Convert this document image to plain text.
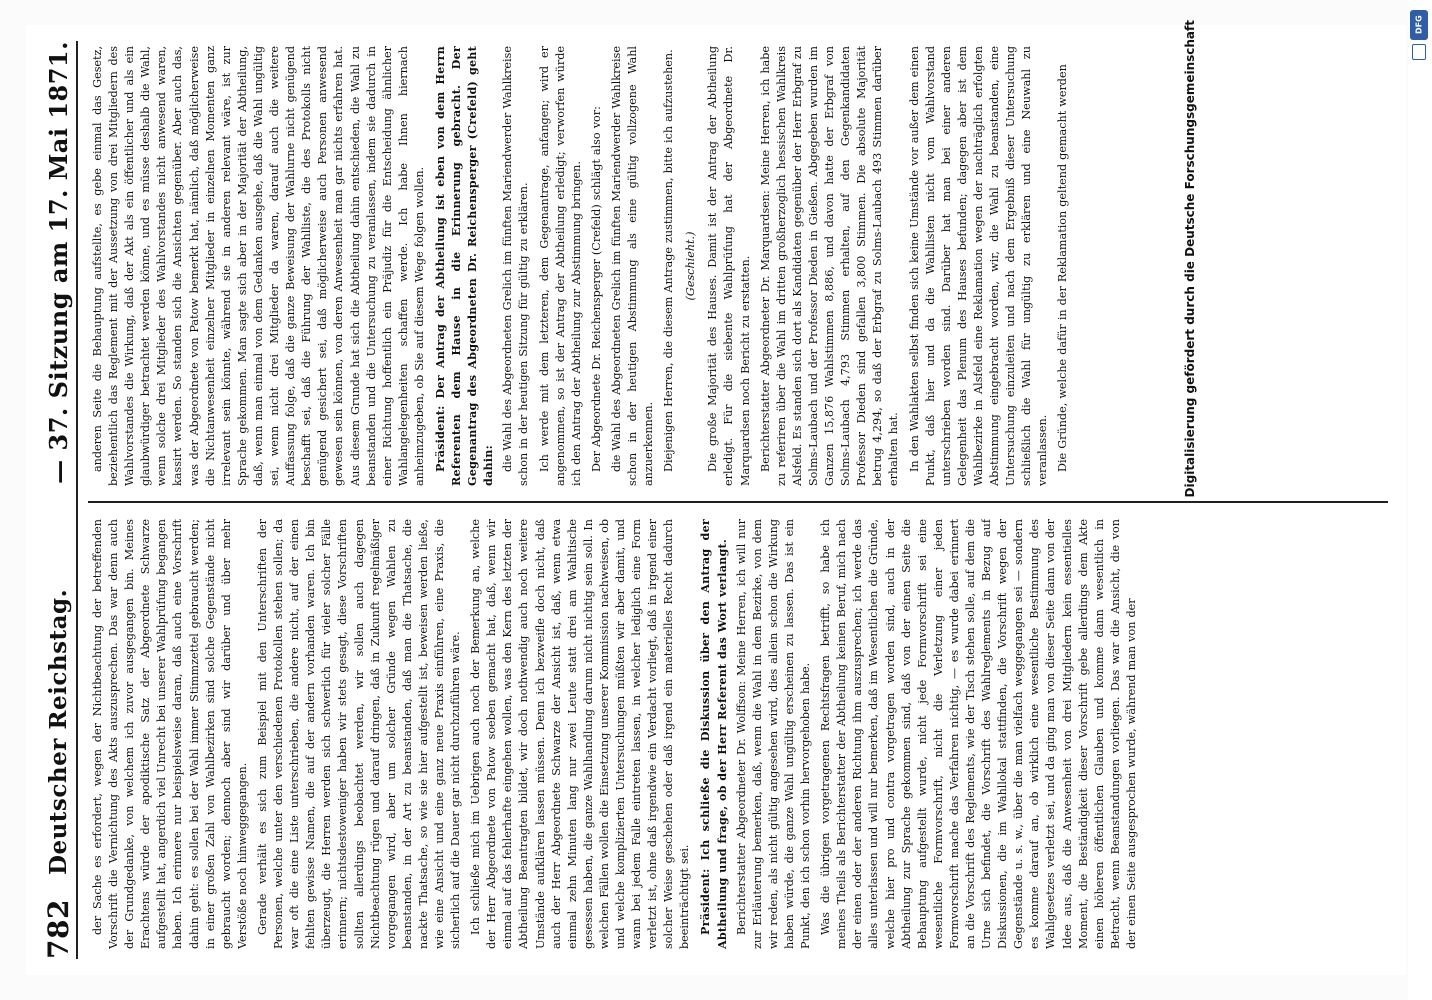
782
Deutscher Reichstag.
— 37. Sitzung am 17. Mai 1871.

der Sache es erfordert, wegen der Nichtbeachtung der betreffenden Vorschrift die Vernichtung des Akts auszusprechen. Das war denn auch der Grundgedanke, von welchem ich zuvor ausgegangen bin. Meines Erachtens würde der apodiktische Satz der Abgeordnete Schwarze aufgestellt hat, angerdich viel Unrecht bei unserer Wahlprüfung begangen haben. Ich erinnere nur beispielsweise daran, daß auch eine Vorschrift dahin geht: es sollen bei der Wahl immer Stimmzettel gebraucht werden; in einer großen Zahl von Wahlbezirken sind solche Gegenstände nicht gebraucht worden; dennoch aber sind wir darüber und über mehr Verstöße noch hinweggegangen. Gerade verhält es sich zum Beispiel mit den Unterschriften der Personen, welche unter den verschiedenen Protokollen stehen sollen; da war oft die eine Liste unterschrieben, die andere nicht, auf der einen fehlten gewisse Namen, die auf der andern vorhanden waren. Ich bin überzeugt, die Herren werden sich schwerlich für vieler solcher Fälle erinnern; nichtsdestoweniger haben wir stets gesagt, diese Vorschriften sollten allerdings beobachtet werden, wir sollen auch dagegen Nichtbeachtung rügen und darauf dringen, daß in Zukunft regelmäßiger vorgegangen wird, aber um solcher Gründe wegen Wahlen zu beanstanden, in der Art zu beanstanden, daß man die Thatsache, die nackte Thatsache, so wie sie hier aufgestellt ist, beweisen werden ließe, wie eine Ansicht und eine ganz neue Praxis einführen, eine Praxis, die sicherlich auf die Dauer gar nicht durchzuführen wäre. Ich schließe mich im Uebrigen auch noch der Bemerkung an, welche der Herr Abgeordnete von Patow soeben gemacht hat, daß, wenn wir einmal auf das fehlerhafte eingehen wollen, was den Kern des letzten der Abtheilung Beantragten bildet, wir doch nothwendig auch noch weitere Umstände aufklären lassen müssen. Denn ich bezweifle doch nicht, daß auch der Herr Abgeordnete Schwarze der Ansicht ist, daß, wenn etwa einmal zehn Minuten lang nur zwei Leute statt drei am Wahltische gesessen haben, die ganze Wahlhandlung darum nicht nichtig sein soll. In welchen Fällen wollen die Einsetzung unserer Kommission nachweisen, ob und welche komplizierten Untersuchungen müßten wir aber damit, und wann bei jedem Falle eintreten lassen, in welcher lediglich eine Form verletzt ist, ohne daß irgendwie ein Verdacht vorliegt, daß in irgend einer solcher Weise geschehen oder daß irgend ein materielles Recht dadurch beeinträchtigt sei. Präsident: Ich schließe die Diskussion über den Antrag der Abtheilung und frage, ob der Herr Referent das Wort verlangt. Berichterstatter Abgeordneter Dr. Wolffson: Meine Herren, ich will nur zur Erläuterung bemerken, daß, wenn die Wahl in dem Bezirke, von dem wir reden, als nicht gültig angesehen wird, dies allein schon die Wirkung haben würde, die ganze Wahl ungültig erscheinen zu lassen. Das ist ein Punkt, den ich schon vorhin hervorgehoben habe. Was die übrigen vorgetragenen Rechtsfragen betrifft, so habe ich meines Theils als Berichterstatter der Abtheilung keinen Beruf, mich nach der einen oder der anderen Richtung ihm auszusprechen; ich werde das alles unterlassen und will nur bemerken, daß im Wesentlichen die Gründe, welche hier pro und contra vorgetragen worden sind, auch in der Abtheilung zur Sprache gekommen sind, daß von der einen Seite die Behauptung aufgestellt wurde, nicht jede Formvorschrift sei eine wesentliche Formvorschrift, nicht die Verletzung einer jeden Formvorschrift mache das Verfahren nichtig, — es wurde dabei erinnert an die Vorschrift des Reglements, wie der Tisch stehen solle, auf dem die Urne sich befindet, die Vorschrift des Wahlreglements in Bezug auf Diskussionen, die im Wahllokal stattfinden, die Vorschrift wegen der Gegenstände u. s. w., über die man vielfach weggegangen sei — sondern es komme darauf an, ob wirklich eine wesentliche Bestimmung des Wahlgesetzes verletzt sei, und da ging man von dieser Seite dann von der Idee aus, daß die Anwesenheit von drei Mitgliedern kein essentielles Moment, die Beständigkeit dieser Vorschrift gebe allerdings dem Akte einen höheren öffentlichen Glauben und komme dann wesentlich in Betracht, wenn Beanstandungen vorliegen. Das war die Ansicht, die von der einen Seite ausgesprochen wurde, während man von der

anderen Seite die Behauptung aufstellte, es gebe einmal das Gesetz, beziehentlich das Reglement mit der Aussetzung von drei Mitgliedern des Wahlvorstandes die Wirkung, daß der Akt als ein öffentlicher und als ein glaubwürdiger betrachtet werden könne, und es müsse deshalb die Wahl, wenn solche drei Mitglieder des Wahlvorstandes nicht anwesend waren, kassirt werden. So standen sich die Ansichten gegenüber. Aber auch das, was der Abgeordnete von Patow bemerkt hat, nämlich, daß möglicherweise die Nichtanwesenheit einzelner Mitglieder in einzelnen Momenten ganz irrelevant sein könnte, während sie in anderen relevant wäre, ist zur Sprache gekommen. Man sagte sich aber in der Majorität der Abtheilung, daß, wenn man einmal von dem Gedanken ausgehe, daß die Wahl ungültig sei, wenn nicht drei Mitglieder da waren, darauf auch die weitere Auffassung folge, daß die ganze Beweisung der Wahlurne nicht genügend beschafft sei, daß die Führung der Wahlliste, die des Protokolls nicht genügend gesichert sei, daß möglicherweise auch Personen anwesend gewesen sein können, von deren Anwesenheit man gar nichts erfahren hat. Aus diesem Grunde hat sich die Abtheilung dahin entschieden, die Wahl zu beanstanden und die Untersuchung zu veranlassen, indem sie dadurch in einer Richtung hoffentlich ein Präjudiz für die Entscheidung ähnlicher Wahlangelegenheiten schaffen werde. Ich habe Ihnen hiernach anheimzugeben, ob Sie auf diesem Wege folgen wollen. Präsident: Der Antrag der Abtheilung ist eben von dem Herrn Referenten dem Hause in die Erinnerung gebracht. Der Gegenantrag des Abgeordneten Dr. Reichensperger (Crefeld) geht dahin: die Wahl des Abgeordneten Grelich im fünften Mariendwerder Wahlkreise schon in der heutigen Sitzung für gültig zu erklären. Ich werde mit dem letzteren, dem Gegenantrage, anfangen; wird er angenommen, so ist der Antrag der Abtheilung erledigt; verworfen würde ich den Antrag der Abtheilung zur Abstimmung bringen. Der Abgeordnete Dr. Reichensperger (Crefeld) schlägt also vor: die Wahl des Abgeordneten Grelich im fünften Mariendwerder Wahlkreise schon in der heutigen Abstimmung als eine gültig vollzogene Wahl anzuerkennen. Diejenigen Herren, die diesem Antrage zustimmen, bitte ich aufzustehen. (Geschieht.) Die große Majorität des Hauses. Damit ist der Antrag der Abtheilung erledigt. Für die siebente Wahlprüfung hat der Abgeordnete Dr. Marquardsen noch Bericht zu erstatten. Berichterstatter Abgeordneter Dr. Marquardsen: Meine Herren, ich habe zu referiren über die Wahl im dritten großherzoglich hessischen Wahlkreis Alsfeld. Es standen sich dort als Kandidaten gegenüber der Herr Erbgraf zu Solms-Laubach und der Professor Dieden in Gießen. Abgegeben wurden im Ganzen 15,876 Wahlstimmen 8,886, und davon hatte der Erbgraf von Solms-Laubach 4,793 Stimmen erhalten, auf den Gegenkandidaten Professor Dieden sind gefallen 3,800 Stimmen. Die absolute Majorität betrug 4,294, so daß der Erbgraf zu Solms-Laubach 493 Stimmen darüber erhalten hat. In den Wahlakten selbst finden sich keine Umstände vor außer dem einen Punkt, daß hier und da die Wahllisten nicht vom Wahlvorstand unterschrieben worden sind. Darüber hat man bei einer anderen Gelegenheit das Plenum des Hauses befunden; dagegen aber ist dem Wahlbezirke in Alsfeld eine Reklamation wegen der nachträglich erfolgten Abstimmung eingebracht worden, wir, die Wahl zu beanstanden, eine Untersuchung einzuleiten und nach dem Ergebniß dieser Untersuchung schließlich die Wahl für ungültig zu erklären und eine Neuwahl zu veranlassen. Die Gründe, welche dafür in der Reklamation geltend gemacht werden

DFG
Digitalisierung gefördert durch die Deutsche Forschungsgemeinschaft
